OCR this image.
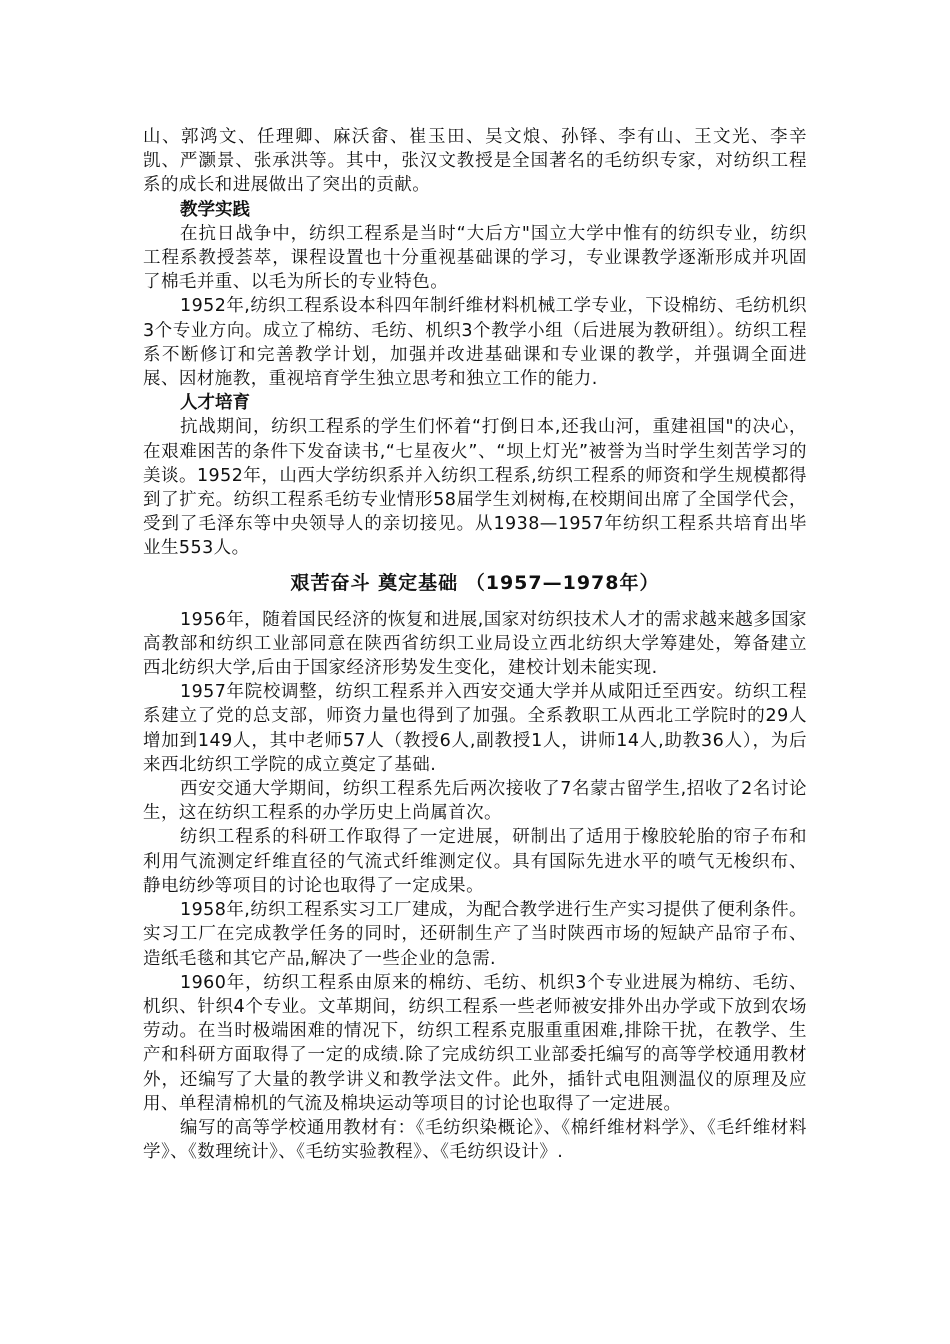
山、郭鸿文、任理卿、麻沃畲、崔玉田、吴文烺、孙铎、李有山、王文光、李辛凯、严灏景、张承洪等。其中，张汉文教授是全国著名的毛纺织专家，对纺织工程系的成长和进展做出了突出的贡献。

教学实践

在抗日战争中，纺织工程系是当时“大后方"国立大学中惟有的纺织专业，纺织工程系教授荟萃，课程设置也十分重视基础课的学习，专业课教学逐渐形成并巩固了棉毛并重、以毛为所长的专业特色。

1952年,纺织工程系设本科四年制纤维材料机械工学专业，下设棉纺、毛纺机织3个专业方向。成立了棉纺、毛纺、机织3个教学小组（后进展为教研组）。纺织工程系不断修订和完善教学计划，加强并改进基础课和专业课的教学，并强调全面进展、因材施教，重视培育学生独立思考和独立工作的能力.

人才培育

抗战期间，纺织工程系的学生们怀着“打倒日本,还我山河，重建祖国"的决心，在艰难困苦的条件下发奋读书,“七星夜火”、“坝上灯光”被誉为当时学生刻苦学习的美谈。1952年，山西大学纺织系并入纺织工程系,纺织工程系的师资和学生规模都得到了扩充。纺织工程系毛纺专业情形58届学生刘树梅,在校期间出席了全国学代会，受到了毛泽东等中央领导人的亲切接见。从1938—1957年纺织工程系共培育出毕业生553人。

艰苦奋斗 奠定基础 （1957—1978年）

1956年，随着国民经济的恢复和进展,国家对纺织技术人才的需求越来越多国家高教部和纺织工业部同意在陕西省纺织工业局设立西北纺织大学筹建处，筹备建立西北纺织大学,后由于国家经济形势发生变化，建校计划未能实现.

1957年院校调整，纺织工程系并入西安交通大学并从咸阳迁至西安。纺织工程系建立了党的总支部，师资力量也得到了加强。全系教职工从西北工学院时的29人增加到149人，其中老师57人（教授6人,副教授1人，讲师14人,助教36人），为后来西北纺织工学院的成立奠定了基础.

西安交通大学期间，纺织工程系先后两次接收了7名蒙古留学生,招收了2名讨论生，这在纺织工程系的办学历史上尚属首次。

纺织工程系的科研工作取得了一定进展，研制出了适用于橡胶轮胎的帘子布和利用气流测定纤维直径的气流式纤维测定仪。具有国际先进水平的喷气无梭织布、静电纺纱等项目的讨论也取得了一定成果。

1958年,纺织工程系实习工厂建成，为配合教学进行生产实习提供了便利条件。实习工厂在完成教学任务的同时，还研制生产了当时陕西市场的短缺产品帘子布、造纸毛毯和其它产品,解决了一些企业的急需.

1960年，纺织工程系由原来的棉纺、毛纺、机织3个专业进展为棉纺、毛纺、机织、针织4个专业。文革期间，纺织工程系一些老师被安排外出办学或下放到农场劳动。在当时极端困难的情况下，纺织工程系克服重重困难,排除干扰，在教学、生产和科研方面取得了一定的成绩.除了完成纺织工业部委托编写的高等学校通用教材外，还编写了大量的教学讲义和教学法文件。此外，插针式电阻测温仪的原理及应用、单程清棉机的气流及棉块运动等项目的讨论也取得了一定进展。

编写的高等学校通用教材有：《毛纺织染概论》、《棉纤维材料学》、《毛纤维材料学》、《数理统计》、《毛纺实验教程》、《毛纺织设计》.
